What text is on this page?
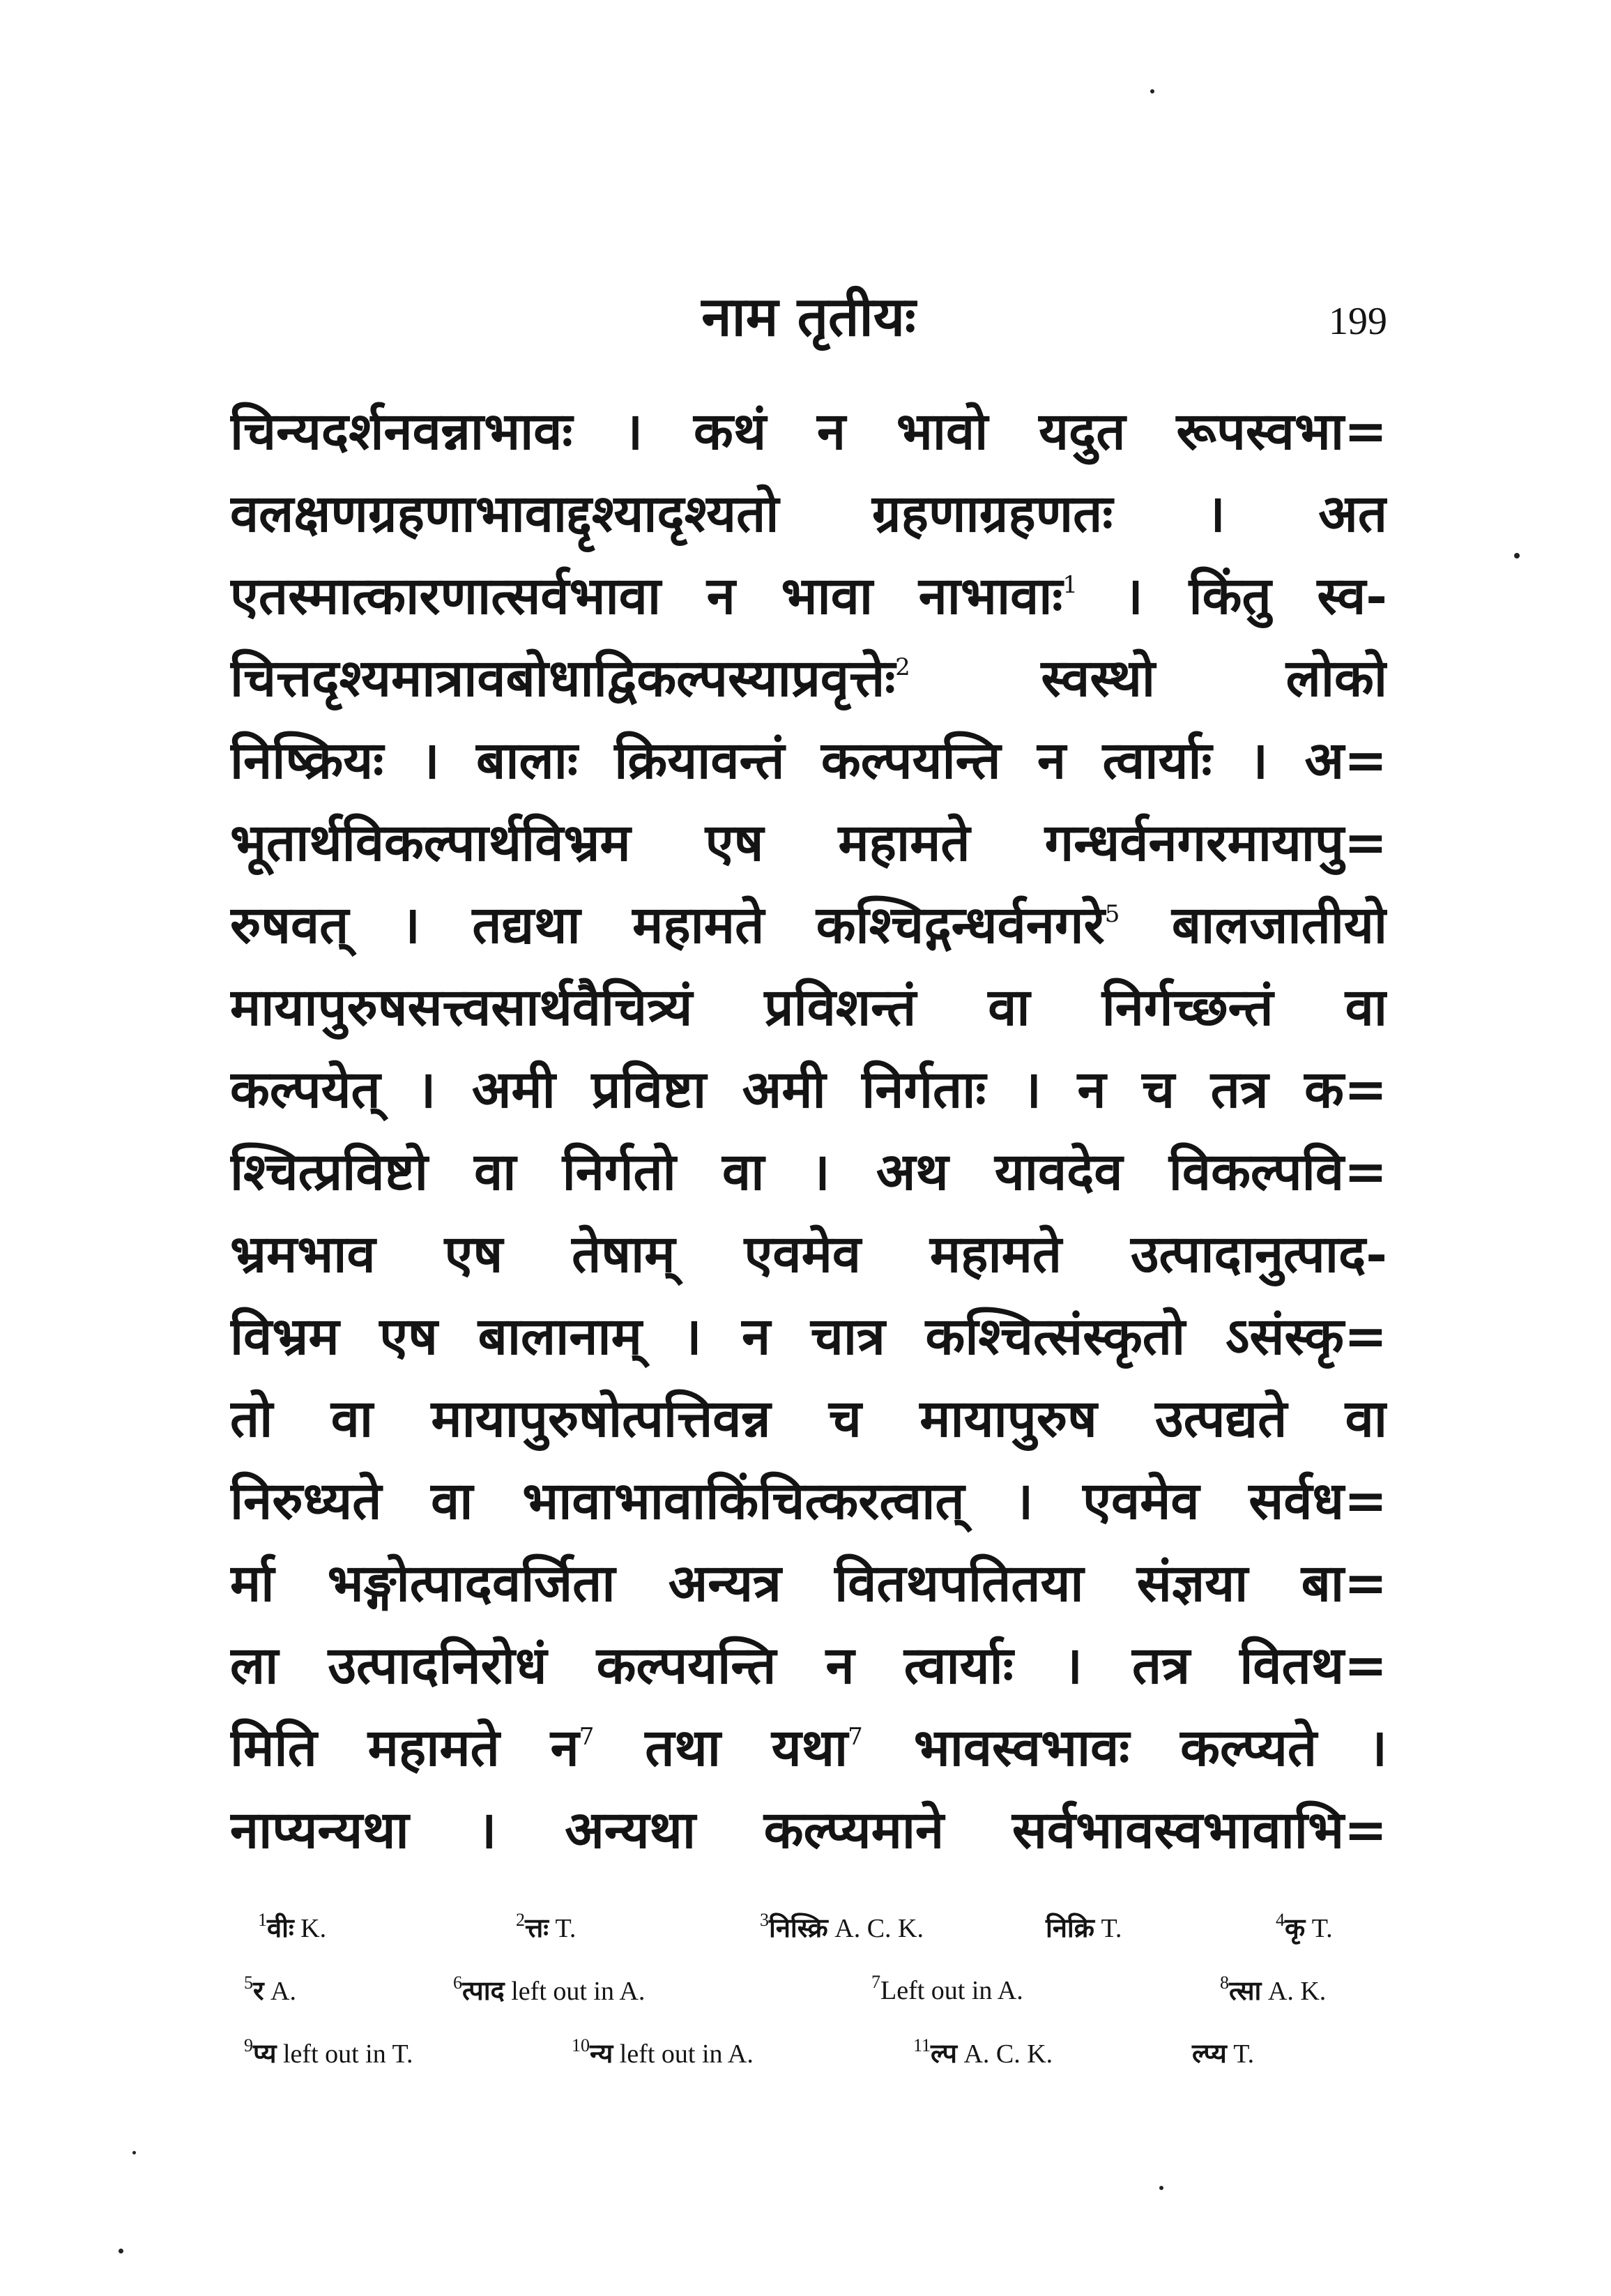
नाम तृतीयः	199
चिन्यदर्शनवन्नाभावः । कथं न भावो यदुत रूपस्वभा=
वलक्षणग्रहणाभावाद्दृश्यादृश्यतो ग्रहणाग्रहणतः । अत
एतस्मात्कारणात्सर्वभावा न भावा नाभावाः$^1$ । किंतु स्व-
चित्तदृश्यमात्रावबोधाद्विकल्पस्याप्रवृत्तेः$^2$	स्वस्थो लोको
निष्क्रियः । बालाः क्रियावन्तं कल्पयन्ति न त्वार्याः । अ=
भूतार्थविकल्पार्थविभ्रम एष महामते गन्धर्वनगरमायापु=
रुषवत् । तद्यथा महामते कश्चिद्गन्धर्वनगरे$^5$ बालजातीयो
मायापुरुषसत्त्वसार्थवैचित्र्यं प्रविशन्तं वा निर्गच्छन्तं वा
कल्पयेत् । अमी प्रविष्टा अमी निर्गताः । न च तत्र क=
श्चित्प्रविष्टो वा निर्गतो वा । अथ यावदेव विकल्पवि=
भ्रमभाव एष तेषाम् एवमेव महामते उत्पादानुत्पाद-
विभ्रम एष बालानाम् । न चात्र कश्चित्संस्कृतो ऽसंस्कृ=
तो वा मायापुरुषोत्पत्तिवन्न च मायापुरुष उत्पद्यते वा
निरुध्यते वा भावाभावाकिंचित्करत्वात् । एवमेव सर्वध=
र्मा भङ्गोत्पादवर्जिता अन्यत्र वितथपतितया संज्ञया बा=
ला उत्पादनिरोधं कल्पयन्ति न त्वार्याः । तत्र वितथ=
मिति महामते न$^7$ तथा यथा$^7$ भावस्वभावः कल्प्यते ।
नाप्यन्यथा । अन्यथा कल्प्यमाने सर्वभावस्वभावाभि=
$^1$वीः K.	$^2$त्तः T.	$^3$निस्क्रि A. C. K.	निक्रि T.	$^4$कृ T.
$^5$र A.	$^6$त्पाद left out in A.	$^7$Left out in A.	$^8$त्सा A. K.
$^9$प्य left out in T.	$^{10}$न्य left out in A.	$^{11}$ल्प A. C. K.	ल्प्य T.
